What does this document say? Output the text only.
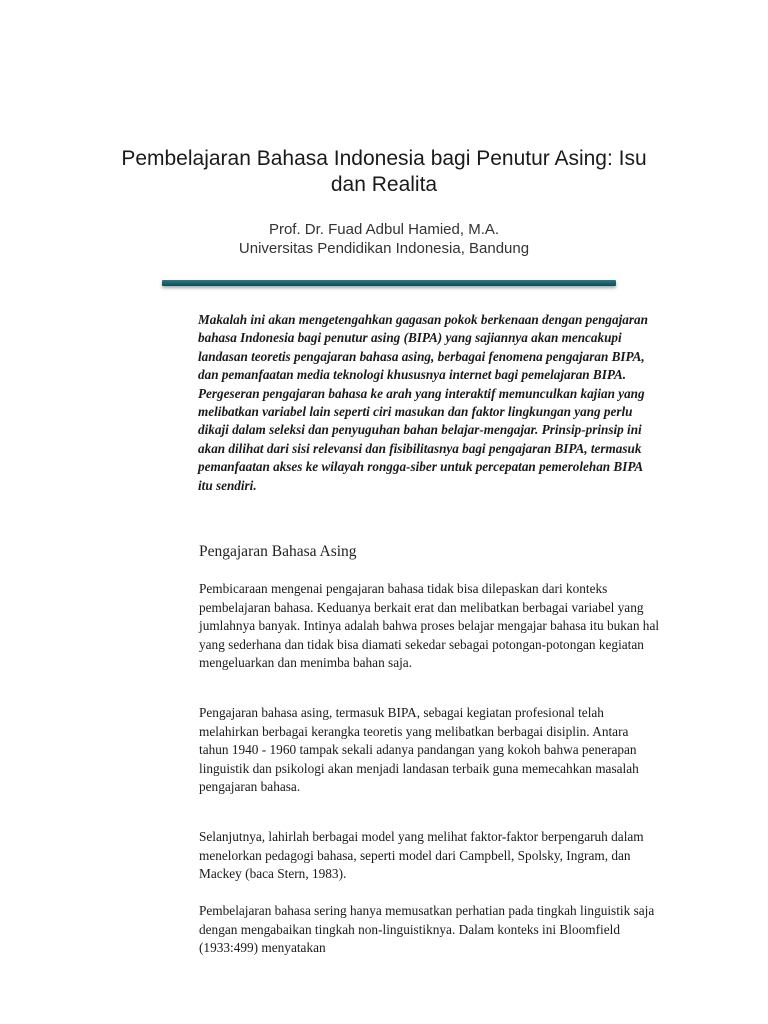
Pembelajaran Bahasa Indonesia bagi Penutur Asing: Isu dan Realita

Prof. Dr. Fuad Adbul Hamied, M.A.

Universitas Pendidikan Indonesia, Bandung

Makalah ini akan mengetengahkan gagasan pokok berkenaan dengan pengajaran bahasa Indonesia bagi penutur asing (BIPA) yang sajiannya akan mencakupi landasan teoretis pengajaran bahasa asing, berbagai fenomena pengajaran BIPA, dan pemanfaatan media teknologi khususnya internet bagi pemelajaran BIPA. Pergeseran pengajaran bahasa ke arah yang interaktif memunculkan kajian yang melibatkan variabel lain seperti ciri masukan dan faktor lingkungan yang perlu dikaji dalam seleksi dan penyuguhan bahan belajar-mengajar. Prinsip-prinsip ini akan dilihat dari sisi relevansi dan fisibilitasnya bagi pengajaran BIPA, termasuk pemanfaatan akses ke wilayah rongga-siber untuk percepatan pemerolehan BIPA itu sendiri.

Pengajaran Bahasa Asing

Pembicaraan mengenai pengajaran bahasa tidak bisa dilepaskan dari konteks pembelajaran bahasa. Keduanya berkait erat dan melibatkan berbagai variabel yang jumlahnya banyak. Intinya adalah bahwa proses belajar mengajar bahasa itu bukan hal yang sederhana dan tidak bisa diamati sekedar sebagai potongan-potongan kegiatan mengeluarkan dan menimba bahan saja.

Pengajaran bahasa asing, termasuk BIPA, sebagai kegiatan profesional telah melahirkan berbagai kerangka teoretis yang melibatkan berbagai disiplin. Antara tahun 1940 - 1960 tampak sekali adanya pandangan yang kokoh bahwa penerapan linguistik dan psikologi akan menjadi landasan terbaik guna memecahkan masalah pengajaran bahasa.

Selanjutnya, lahirlah berbagai model yang melihat faktor-faktor berpengaruh dalam menelorkan pedagogi bahasa, seperti model dari Campbell, Spolsky, Ingram, dan Mackey (baca Stern, 1983).

Pembelajaran bahasa sering hanya memusatkan perhatian pada tingkah linguistik saja dengan mengabaikan tingkah non-linguistiknya. Dalam konteks ini Bloomfield (1933:499) menyatakan
